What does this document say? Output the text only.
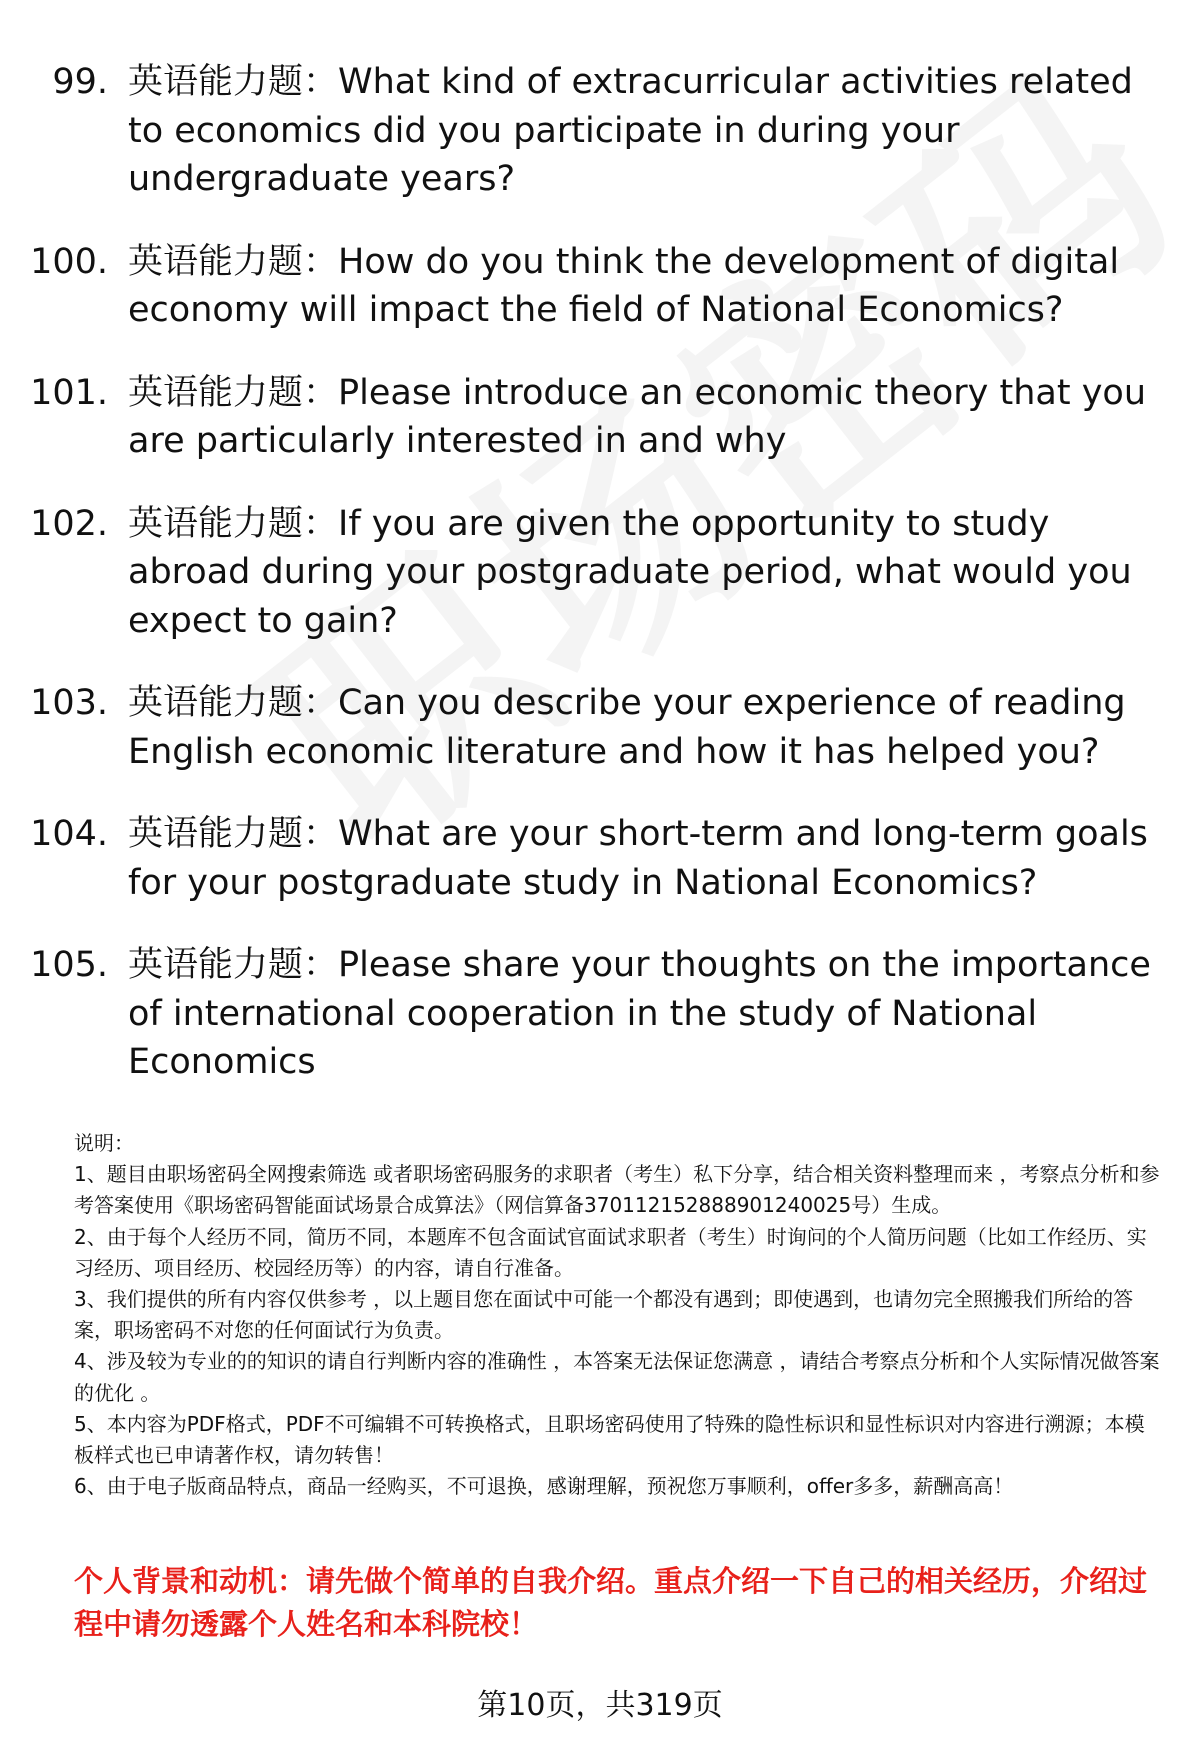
99. 英语能力题：What kind of extracurricular activities related to economics did you participate in during your undergraduate years?
100. 英语能力题：How do you think the development of digital economy will impact the field of National Economics?
101. 英语能力题：Please introduce an economic theory that you are particularly interested in and why
102. 英语能力题：If you are given the opportunity to study abroad during your postgraduate period, what would you expect to gain?
103. 英语能力题：Can you describe your experience of reading English economic literature and how it has helped you?
104. 英语能力题：What are your short-term and long-term goals for your postgraduate study in National Economics?
105. 英语能力题：Please share your thoughts on the importance of international cooperation in the study of National Economics

说明：

1、题目由职场密码全网搜索筛选 或者职场密码服务的求职者（考生）私下分享，结合相关资料整理而来 ，考察点分析和参考答案使用《职场密码智能面试场景合成算法》（网信算备370112152888901240025号）生成。

2、由于每个人经历不同，简历不同，本题库不包含面试官面试求职者（考生）时询问的个人简历问题（比如工作经历、实习经历、项目经历、校园经历等）的内容，请自行准备。

3、我们提供的所有内容仅供参考 ，以上题目您在面试中可能一个都没有遇到；即使遇到，也请勿完全照搬我们所给的答案，职场密码不对您的任何面试行为负责。

4、涉及较为专业的的知识的请自行判断内容的准确性 ，本答案无法保证您满意 ，请结合考察点分析和个人实际情况做答案的优化 。

5、本内容为PDF格式，PDF不可编辑不可转换格式，且职场密码使用了特殊的隐性标识和显性标识对内容进行溯源；本模板样式也已申请著作权，请勿转售！

6、由于电子版商品特点，商品一经购买，不可退换，感谢理解，预祝您万事顺利，offer多多，薪酬高高！

个人背景和动机：请先做个简单的自我介绍。重点介绍一下自己的相关经历，介绍过程中请勿透露个人姓名和本科院校！
第10页，共319页
